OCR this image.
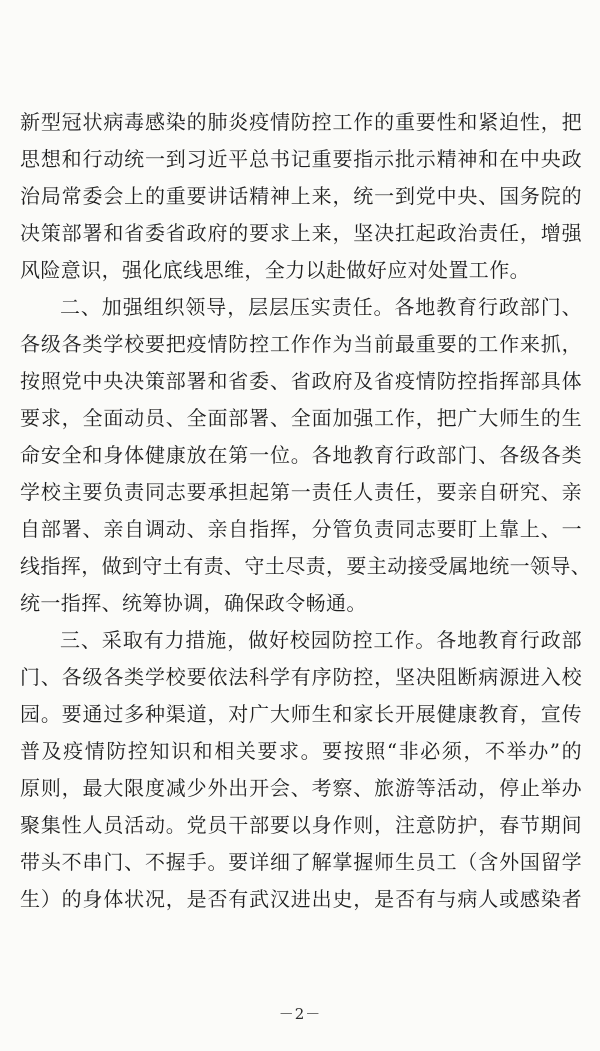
新型冠状病毒感染的肺炎疫情防控工作的重要性和紧迫性，把
思想和行动统一到习近平总书记重要指示批示精神和在中央政
治局常委会上的重要讲话精神上来，统一到党中央、国务院的
决策部署和省委省政府的要求上来，坚决扛起政治责任，增强
风险意识，强化底线思维，全力以赴做好应对处置工作。
二、加强组织领导，层层压实责任。各地教育行政部门、
各级各类学校要把疫情防控工作作为当前最重要的工作来抓，
按照党中央决策部署和省委、省政府及省疫情防控指挥部具体
要求，全面动员、全面部署、全面加强工作，把广大师生的生
命安全和身体健康放在第一位。各地教育行政部门、各级各类
学校主要负责同志要承担起第一责任人责任，要亲自研究、亲
自部署、亲自调动、亲自指挥，分管负责同志要盯上靠上、一
线指挥，做到守土有责、守土尽责，要主动接受属地统一领导、
统一指挥、统筹协调，确保政令畅通。
三、采取有力措施，做好校园防控工作。各地教育行政部
门、各级各类学校要依法科学有序防控，坚决阻断病源进入校
园。要通过多种渠道，对广大师生和家长开展健康教育，宣传
普及疫情防控知识和相关要求。要按照“非必须，不举办”的
原则，最大限度减少外出开会、考察、旅游等活动，停止举办
聚集性人员活动。党员干部要以身作则，注意防护，春节期间
带头不串门、不握手。要详细了解掌握师生员工（含外国留学
生）的身体状况，是否有武汉进出史，是否有与病人或感染者
－2－
